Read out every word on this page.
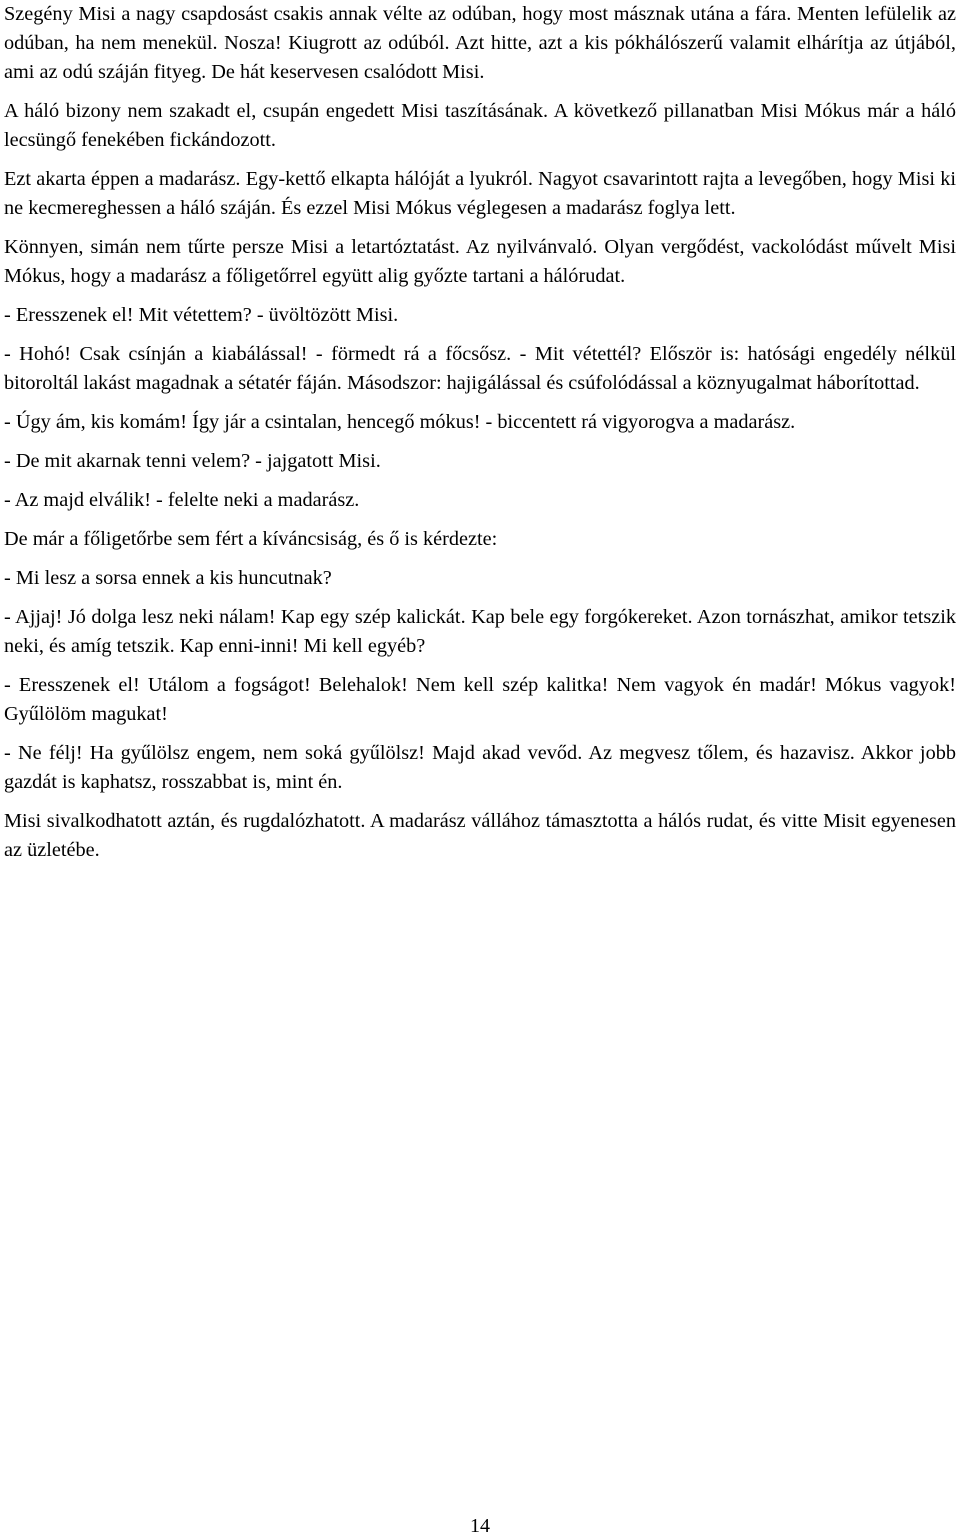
Szegény Misi a nagy csapdosást csakis annak vélte az odúban, hogy most másznak utána a fára. Menten lefülelik az odúban, ha nem menekül. Nosza! Kiugrott az odúból. Azt hitte, azt a kis pókhálószerű valamit elhárítja az útjából, ami az odú száján fityeg. De hát keservesen csalódott Misi.

A háló bizony nem szakadt el, csupán engedett Misi taszításának. A következő pillanatban Misi Mókus már a háló lecsüngő fenekében fickándozott.

Ezt akarta éppen a madarász. Egy-kettő elkapta hálóját a lyukról. Nagyot csavarintott rajta a levegőben, hogy Misi ki ne kecmereghessen a háló száján. És ezzel Misi Mókus véglegesen a madarász foglya lett.

Könnyen, simán nem tűrte persze Misi a letartóztatást. Az nyilvánvaló. Olyan vergődést, vackolódást művelt Misi Mókus, hogy a madarász a főligetőrrel együtt alig győzte tartani a hálórudat.

- Eresszenek el! Mit vétettem? - üvöltözött Misi.

- Hohó! Csak csínján a kiabálással! - förmedt rá a főcsősz. - Mit vétettél? Először is: hatósági engedély nélkül bitoroltál lakást magadnak a sétatér fáján. Másodszor: hajigálással és csúfolódással a köznyugalmat háborítottad.

- Úgy ám, kis komám! Így jár a csintalan, hencegő mókus! - biccentett rá vigyorogva a madarász.

- De mit akarnak tenni velem? - jajgatott Misi.

- Az majd elválik! - felelte neki a madarász.

De már a főligetőrbe sem fért a kíváncsiság, és ő is kérdezte:

- Mi lesz a sorsa ennek a kis huncutnak?

- Ajjaj! Jó dolga lesz neki nálam! Kap egy szép kalickát. Kap bele egy forgókereket. Azon tornászhat, amikor tetszik neki, és amíg tetszik. Kap enni-inni! Mi kell egyéb?

- Eresszenek el! Utálom a fogságot! Belehalok! Nem kell szép kalitka! Nem vagyok én madár! Mókus vagyok! Gyűlölöm magukat!

- Ne félj! Ha gyűlölsz engem, nem soká gyűlölsz! Majd akad vevőd. Az megvesz tőlem, és hazavisz. Akkor jobb gazdát is kaphatsz, rosszabbat is, mint én.

Misi sivalkodhatott aztán, és rugdalózhatott. A madarász vállához támasztotta a hálós rudat, és vitte Misit egyenesen az üzletébe.

14
